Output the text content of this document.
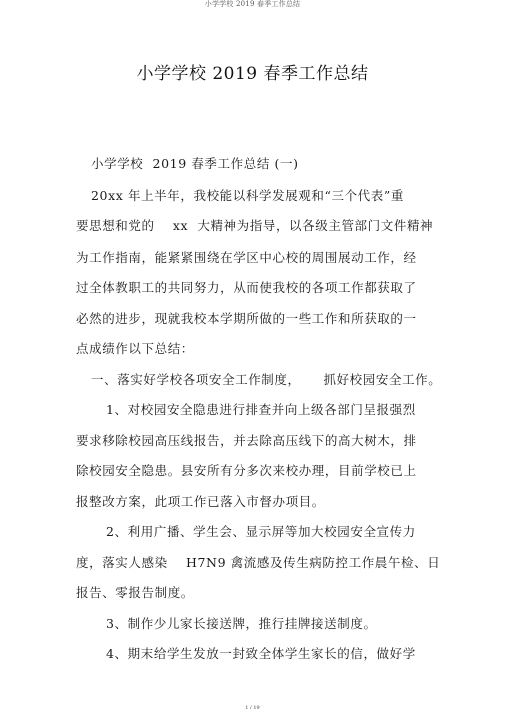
小学学校 2019 春季工作总结
小学学校 2019 春季工作总结
小学学校  2019 春季工作总结 (一)
20xx 年上半年，我校能以科学发展观和“三个代表”重
要思想和党的    xx  大精神为指导，以各级主管部门文件精神
为工作指南，能紧紧围绕在学区中心校的周围展动工作，经
过全体教职工的共同努力，从而使我校的各项工作都获取了
必然的进步，现就我校本学期所做的一些工作和所获取的一
点成绩作以下总结：
一、落实好学校各项安全工作制度，     抓好校园安全工作。
1、对校园安全隐患进行排查并向上级各部门呈报强烈
要求移除校园高压线报告，并去除高压线下的高大树木，排
除校园安全隐患。县安所有分多次来校办理，目前学校已上
报整改方案，此项工作已落入市督办项目。
2、利用广播、学生会、显示屏等加大校园安全宣传力
度，落实人感染    H7N9 禽流感及传生病防控工作晨午检、日
报告、零报告制度。
3、制作少儿家长接送牌，推行挂牌接送制度。
4、期末给学生发放一封致全体学生家长的信，做好学
1 / 19
